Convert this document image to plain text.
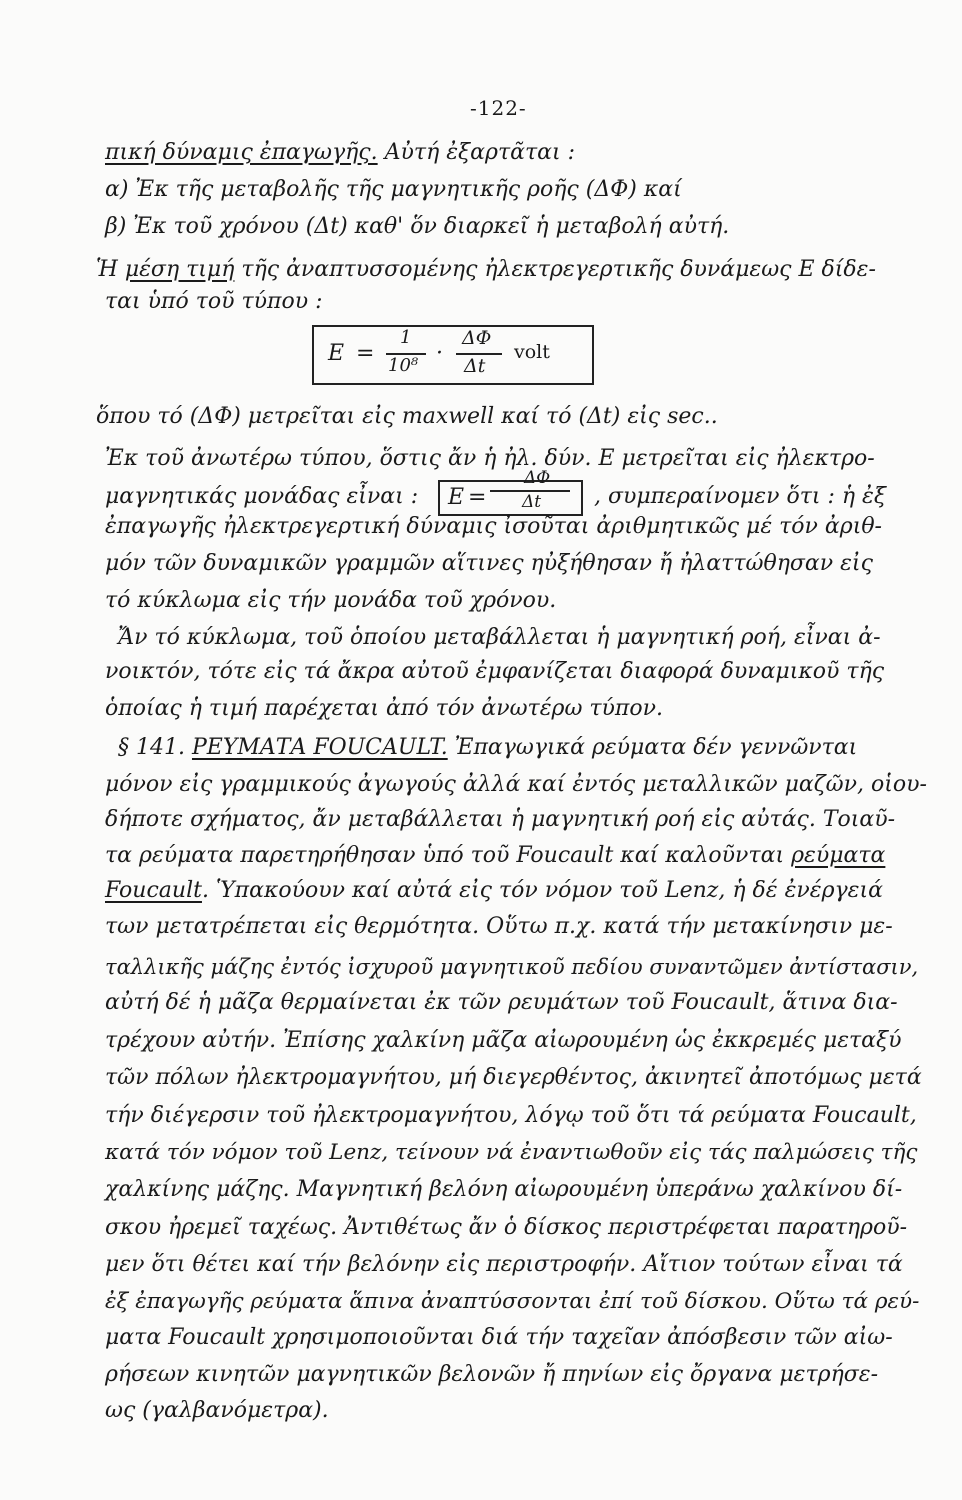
-122-
πική δύναμις ἐπαγωγῆς. Αὐτή ἐξαρτᾶται :
α) Ἐκ τῆς μεταβολῆς τῆς μαγνητικῆς ροῆς (ΔΦ) καί
β) Ἐκ τοῦ χρόνου (Δt) καθ' ὅν διαρκεῖ ἡ μεταβολή αὐτή.
Ἡ μέση τιμή τῆς ἀναπτυσσομένης ἠλεκτρεγερτικῆς δυνάμεως Ε δίδε-
ται ὑπό τοῦ τύπου :
E =
1
10⁸ ·
ΔΦ
Δt
volt
ὅπου τό (ΔΦ) μετρεῖται εἰς maxwell καί τό (Δt) εἰς sec..
Ἐκ τοῦ ἀνωτέρω τύπου, ὅστις ἄν ἡ ἠλ. δύν. Ε μετρεῖται εἰς ἠλεκτρο-
μαγνητικάς μονάδας εἶναι : E =
ΔΦ
Δt , συμπεραίνομεν ὅτι : ἡ ἐξ
ἐπαγωγῆς ἠλεκτρεγερτική δύναμις ἰσοῦται ἀριθμητικῶς μέ τόν ἀριθ-
μόν τῶν δυναμικῶν γραμμῶν αἵτινες ηὐξήθησαν ἤ ἠλαττώθησαν εἰς
τό κύκλωμα εἰς τήν μονάδα τοῦ χρόνου.
Ἄν τό κύκλωμα, τοῦ ὁποίου μεταβάλλεται ἡ μαγνητική ροή, εἶναι ἀ-
νοικτόν, τότε εἰς τά ἄκρα αὐτοῦ ἐμφανίζεται διαφορά δυναμικοῦ τῆς
ὁποίας ἡ τιμή παρέχεται ἀπό τόν ἀνωτέρω τύπον.
§ 141. ΡΕΥΜΑΤΑ FOUCAULT. Ἐπαγωγικά ρεύματα δέν γεννῶνται
μόνον εἰς γραμμικούς ἀγωγούς ἀλλά καί ἐντός μεταλλικῶν μαζῶν, οἱου-
δήποτε σχήματος, ἄν μεταβάλλεται ἡ μαγνητική ροή εἰς αὐτάς. Τοιαῦ-
τα ρεύματα παρετηρήθησαν ὑπό τοῦ Foucault καί καλοῦνται ρεύματα
Foucault. Ὑπακούουν καί αὐτά εἰς τόν νόμον τοῦ Lenz, ἡ δέ ἐνέργειά
των μετατρέπεται εἰς θερμότητα. Οὕτω π.χ. κατά τήν μετακίνησιν με-
ταλλικῆς μάζης ἐντός ἰσχυροῦ μαγνητικοῦ πεδίου συναντῶμεν ἀντίστασιν,
αὐτή δέ ἡ μᾶζα θερμαίνεται ἐκ τῶν ρευμάτων τοῦ Foucault, ἅτινα δια-
τρέχουν αὐτήν. Ἐπίσης χαλκίνη μᾶζα αἰωρουμένη ὡς ἐκκρεμές μεταξύ
τῶν πόλων ἠλεκτρομαγνήτου, μή διεγερθέντος, ἀκινητεῖ ἀποτόμως μετά
τήν διέγερσιν τοῦ ἠλεκτρομαγνήτου, λόγῳ τοῦ ὅτι τά ρεύματα Foucault,
κατά τόν νόμον τοῦ Lenz, τείνουν νά ἐναντιωθοῦν εἰς τάς παλμώσεις τῆς
χαλκίνης μάζης. Μαγνητική βελόνη αἰωρουμένη ὑπεράνω χαλκίνου δί-
σκου ἠρεμεῖ ταχέως. Ἀντιθέτως ἄν ὁ δίσκος περιστρέφεται παρατηροῦ-
μεν ὅτι θέτει καί τήν βελόνην εἰς περιστροφήν. Αἴτιον τούτων εἶναι τά
ἐξ ἐπαγωγῆς ρεύματα ἅπινα ἀναπτύσσονται ἐπί τοῦ δίσκου. Οὕτω τά ρεύ-
ματα Foucault χρησιμοποιοῦνται διά τήν ταχεῖαν ἀπόσβεσιν τῶν αἰω-
ρήσεων κινητῶν μαγνητικῶν βελονῶν ἤ πηνίων εἰς ὄργανα μετρήσε-
ως (γαλβανόμετρα).
